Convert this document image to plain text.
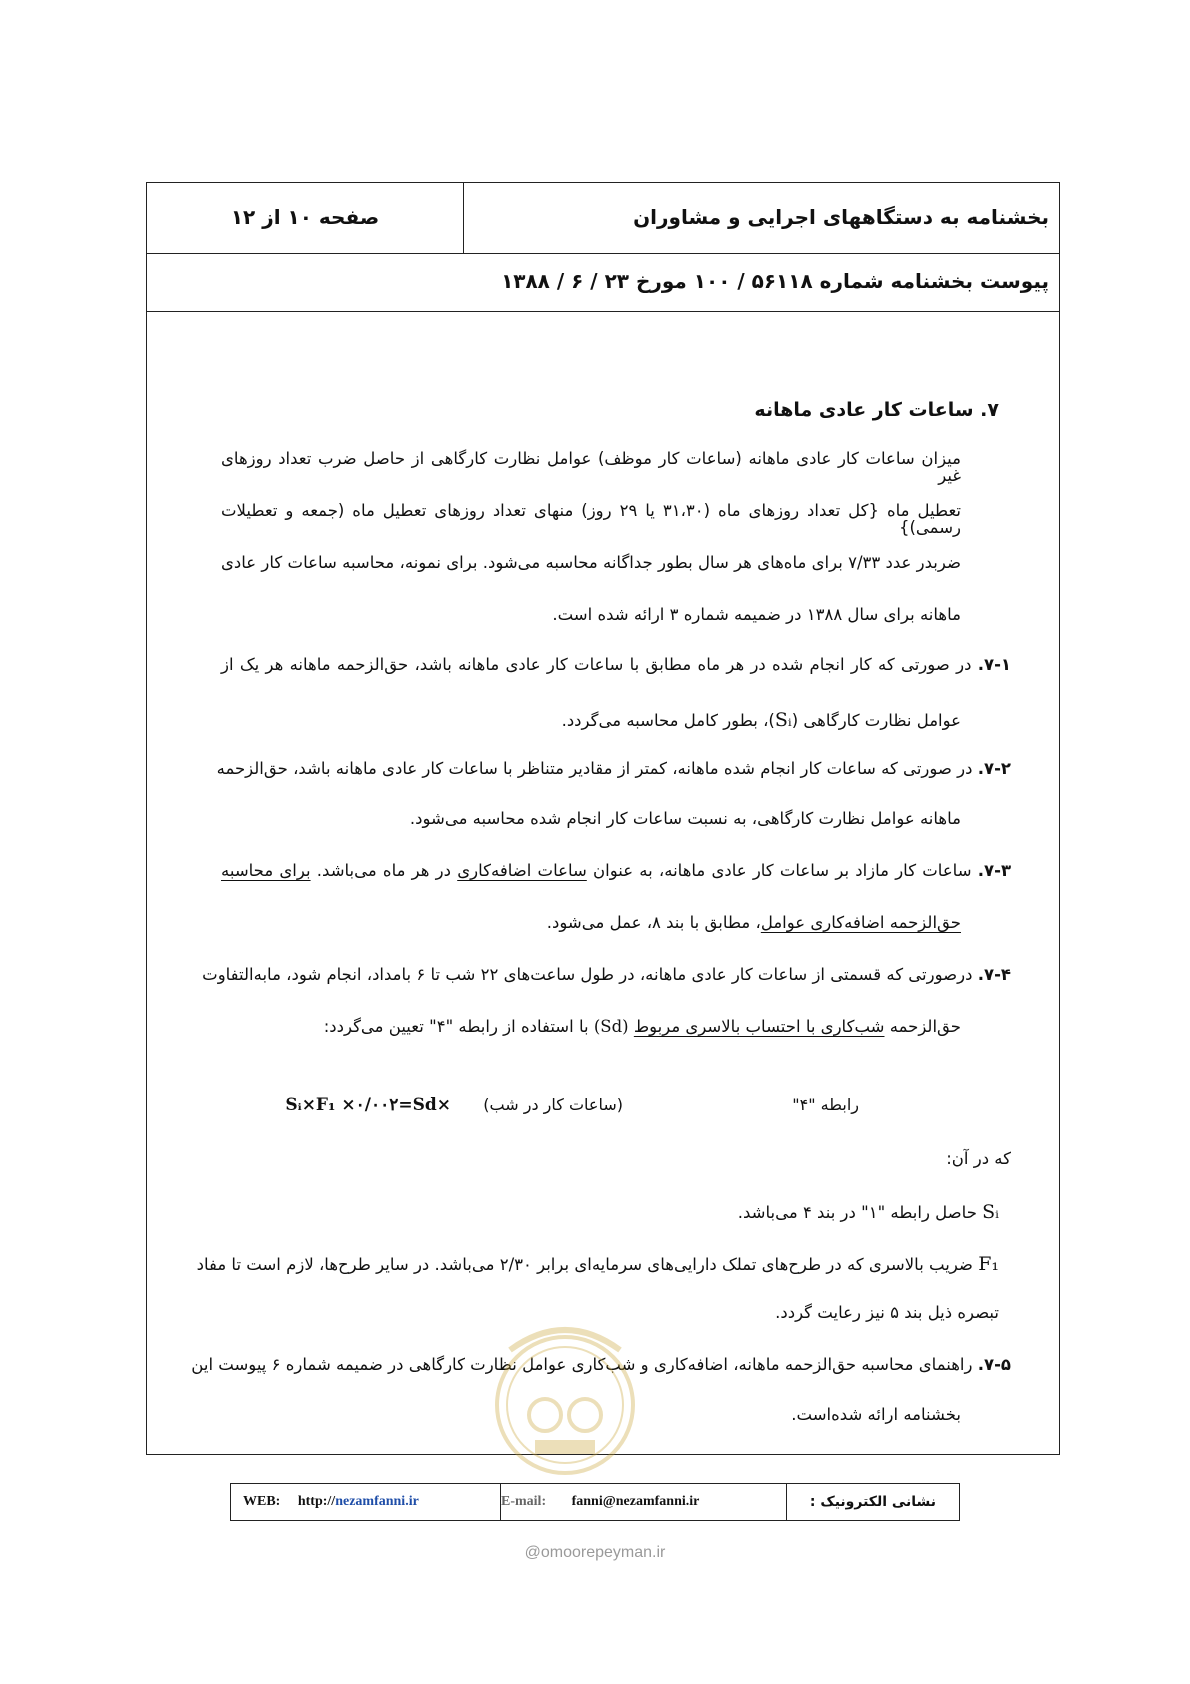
بخشنامه به دستگاههای اجرایی و مشاوران
صفحه ۱۰ از ۱۲
پیوست بخشنامه شماره ۵۶۱۱۸ / ۱۰۰ مورخ ۲۳ / ۶ / ۱۳۸۸
۷. ساعات کار عادی ماهانه
میزان ساعات کار عادی ماهانه (ساعات کار موظف) عوامل نظارت کارگاهی از حاصل ضرب تعداد روزهای غیر
تعطیل ماه {کل تعداد روزهای ماه (۳۱،۳۰ یا ۲۹ روز) منهای تعداد روزهای تعطیل ماه (جمعه و تعطیلات رسمی)}
ضربدر عدد ۷/۳۳ برای ماه‌های هر سال بطور جداگانه محاسبه می‌شود. برای نمونه، محاسبه ساعات کار عادی
ماهانه برای سال ۱۳۸۸ در ضمیمه شماره ۳ ارائه شده است.
۷-۱. در صورتی که کار انجام شده در هر ماه مطابق با ساعات کار عادی ماهانه باشد، حق‌الزحمه ماهانه هر یک از
عوامل نظارت کارگاهی (Sᵢ)، بطور کامل محاسبه می‌گردد.
۷-۲. در صورتی که ساعات کار انجام شده ماهانه، کمتر از مقادیر متناظر با ساعات کار عادی ماهانه باشد، حق‌الزحمه
ماهانه عوامل نظارت کارگاهی، به نسبت ساعات کار انجام شده محاسبه می‌شود.
۷-۳. ساعات کار مازاد بر ساعات کار عادی ماهانه، به عنوان ساعات اضافه‌کاری در هر ماه می‌باشد. برای محاسبه
حق‌الزحمه اضافه‌کاری عوامل، مطابق با بند ۸، عمل می‌شود.
۷-۴. درصورتی که قسمتی از ساعات کار عادی ماهانه، در طول ساعت‌های ۲۲ شب تا ۶ بامداد، انجام شود، مابه‌التفاوت
حق‌الزحمه شب‌کاری با احتساب بالاسری مربوط (Sd) با استفاده از رابطه "۴" تعیین می‌گردد:
رابطه "۴"
(ساعات کار در شب)
×Sᵢ×F₁ ×۰/۰۰۲=Sd
که در آن:
Sᵢ حاصل رابطه "۱" در بند ۴ می‌باشد.
F₁ ضریب بالاسری که در طرح‌های تملک دارایی‌های سرمایه‌ای برابر ۲/۳۰ می‌باشد. در سایر طرح‌ها، لازم است تا مفاد
تبصره ذیل بند ۵ نیز رعایت گردد.
۷-۵. راهنمای محاسبه حق‌الزحمه ماهانه، اضافه‌کاری و شب‌کاری عوامل نظارت کارگاهی در ضمیمه شماره ۶ پیوست این
بخشنامه ارائه شده‌است.
نشانی الکترونیک :
E-mail: fanni@nezamfanni.ir
WEB: http://nezamfanni.ir
@omoorepeyman.ir
